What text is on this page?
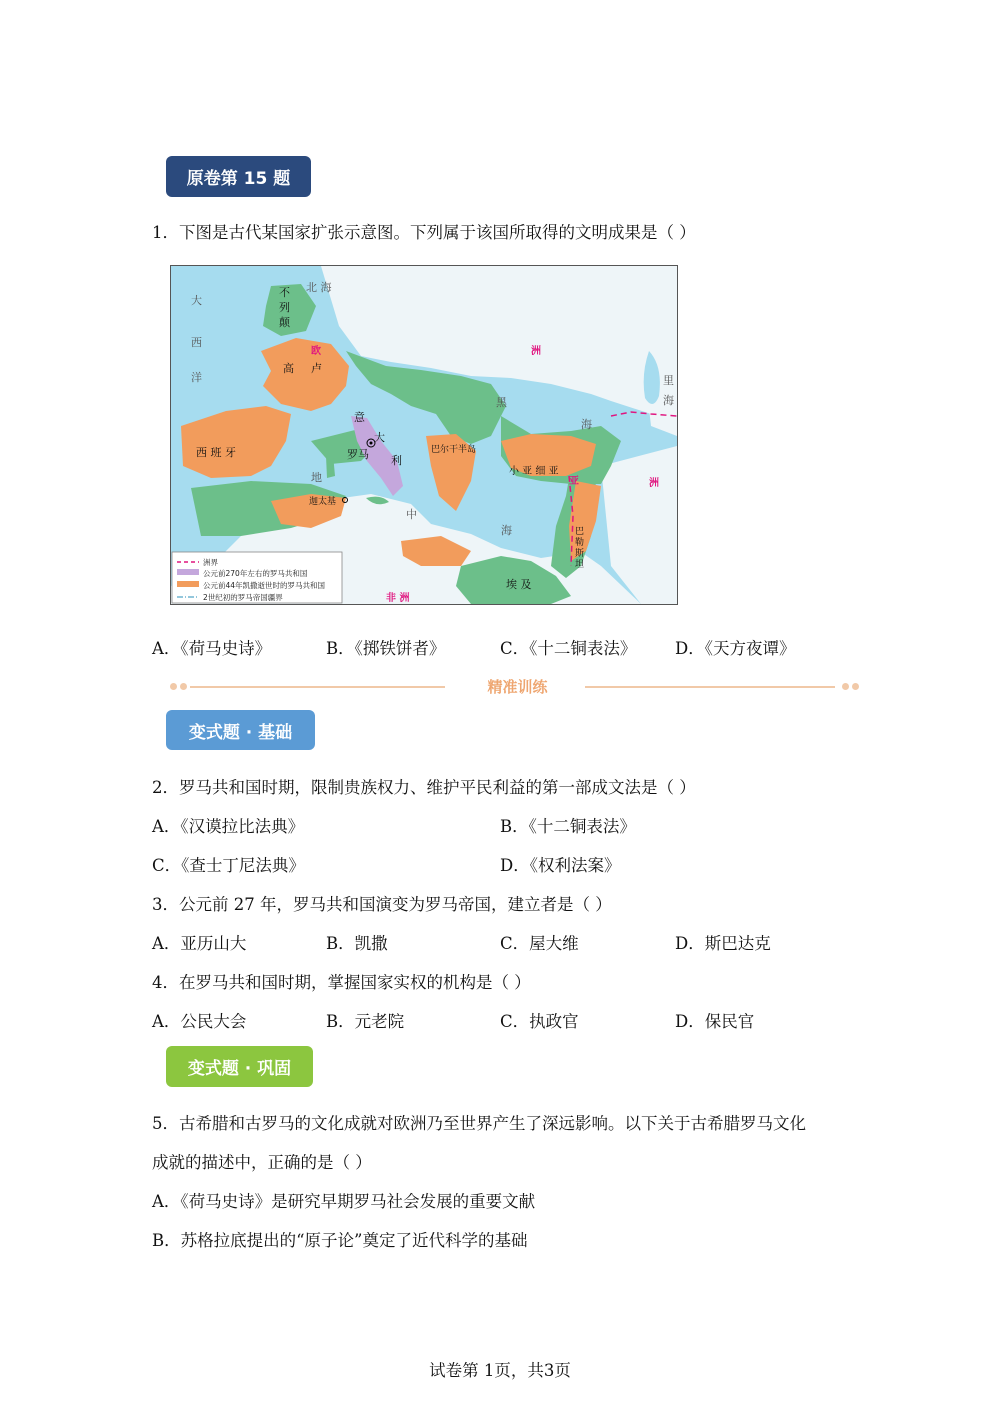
原卷第 15 题
1．下图是古代某国家扩张示意图。下列属于该国所取得的文明成果是（ ）
大
西
洋
北 海
黑
海
里
海
地
中
海
欧	洲
亚	洲
非 洲
不
列
颠
高 卢
意
大
利
罗马
西 班 牙	巴尔干半岛
小 亚 细 亚
迦太基
巴
勒
斯
坦
埃 及
洲界
公元前270年左右的罗马共和国
公元前44年凯撒逝世时的罗马共和国
2世纪初的罗马帝国疆界
A．《荷马史诗》	B．《掷铁饼者》	C．《十二铜表法》 D．《天方夜谭》
精准训练
变式题 · 基础
2．罗马共和国时期，限制贵族权力、维护平民利益的第一部成文法是（ ）
A．《汉谟拉比法典》	B．《十二铜表法》
C．《查士丁尼法典》	D．《权利法案》
3．公元前 27 年，罗马共和国演变为罗马帝国，建立者是（ ）
A．亚历山大	B．凯撒	C．屋大维	D．斯巴达克
4．在罗马共和国时期，掌握国家实权的机构是（ ）
A．公民大会	B．元老院	C．执政官	D．保民官
变式题 · 巩固
5．古希腊和古罗马的文化成就对欧洲乃至世界产生了深远影响。以下关于古希腊罗马文化
成就的描述中，正确的是（ ）
A．《荷马史诗》是研究早期罗马社会发展的重要文献
B．苏格拉底提出的“原子论”奠定了近代科学的基础
试卷第 1页，共3页
